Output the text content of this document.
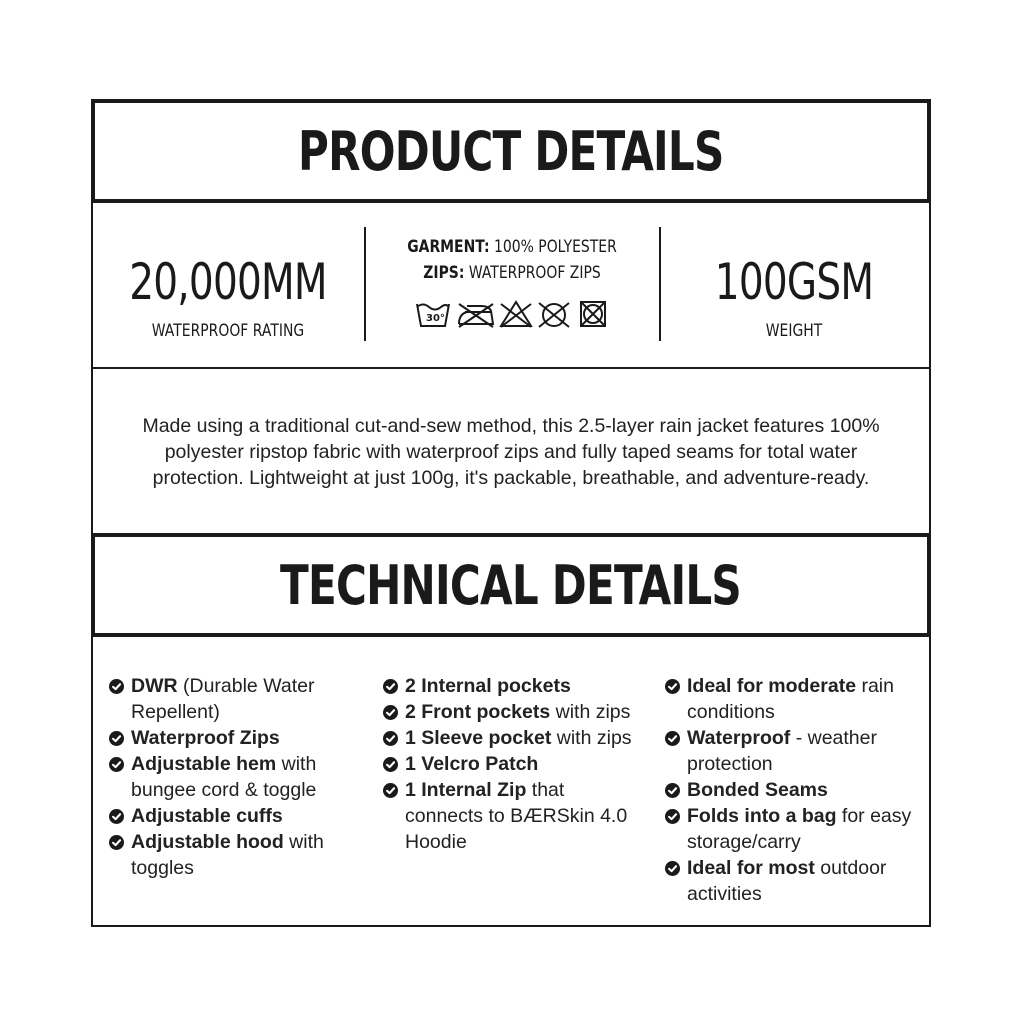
PRODUCT DETAILS
20,000MM
WATERPROOF RATING
GARMENT: 100% POLYESTER
ZIPS: WATERPROOF ZIPS
30°
100GSM
WEIGHT

Made using a traditional cut-and-sew method, this 2.5-layer rain jacket features 100% polyester ripstop fabric with waterproof zips and fully taped seams for total water protection. Lightweight at just 100g, it's packable, breathable, and adventure-ready.

TECHNICAL DETAILS
DWR (Durable Water Repellent)
Waterproof Zips
Adjustable hem with bungee cord & toggle
Adjustable cuffs
Adjustable hood with toggles
2 Internal pockets
2 Front pockets with zips
1 Sleeve pocket with zips
1 Velcro Patch
1 Internal Zip that connects to BÆRSkin 4.0 Hoodie
Ideal for moderate rain conditions
Waterproof - weather protection
Bonded Seams
Folds into a bag for easy storage/carry
Ideal for most outdoor activities
